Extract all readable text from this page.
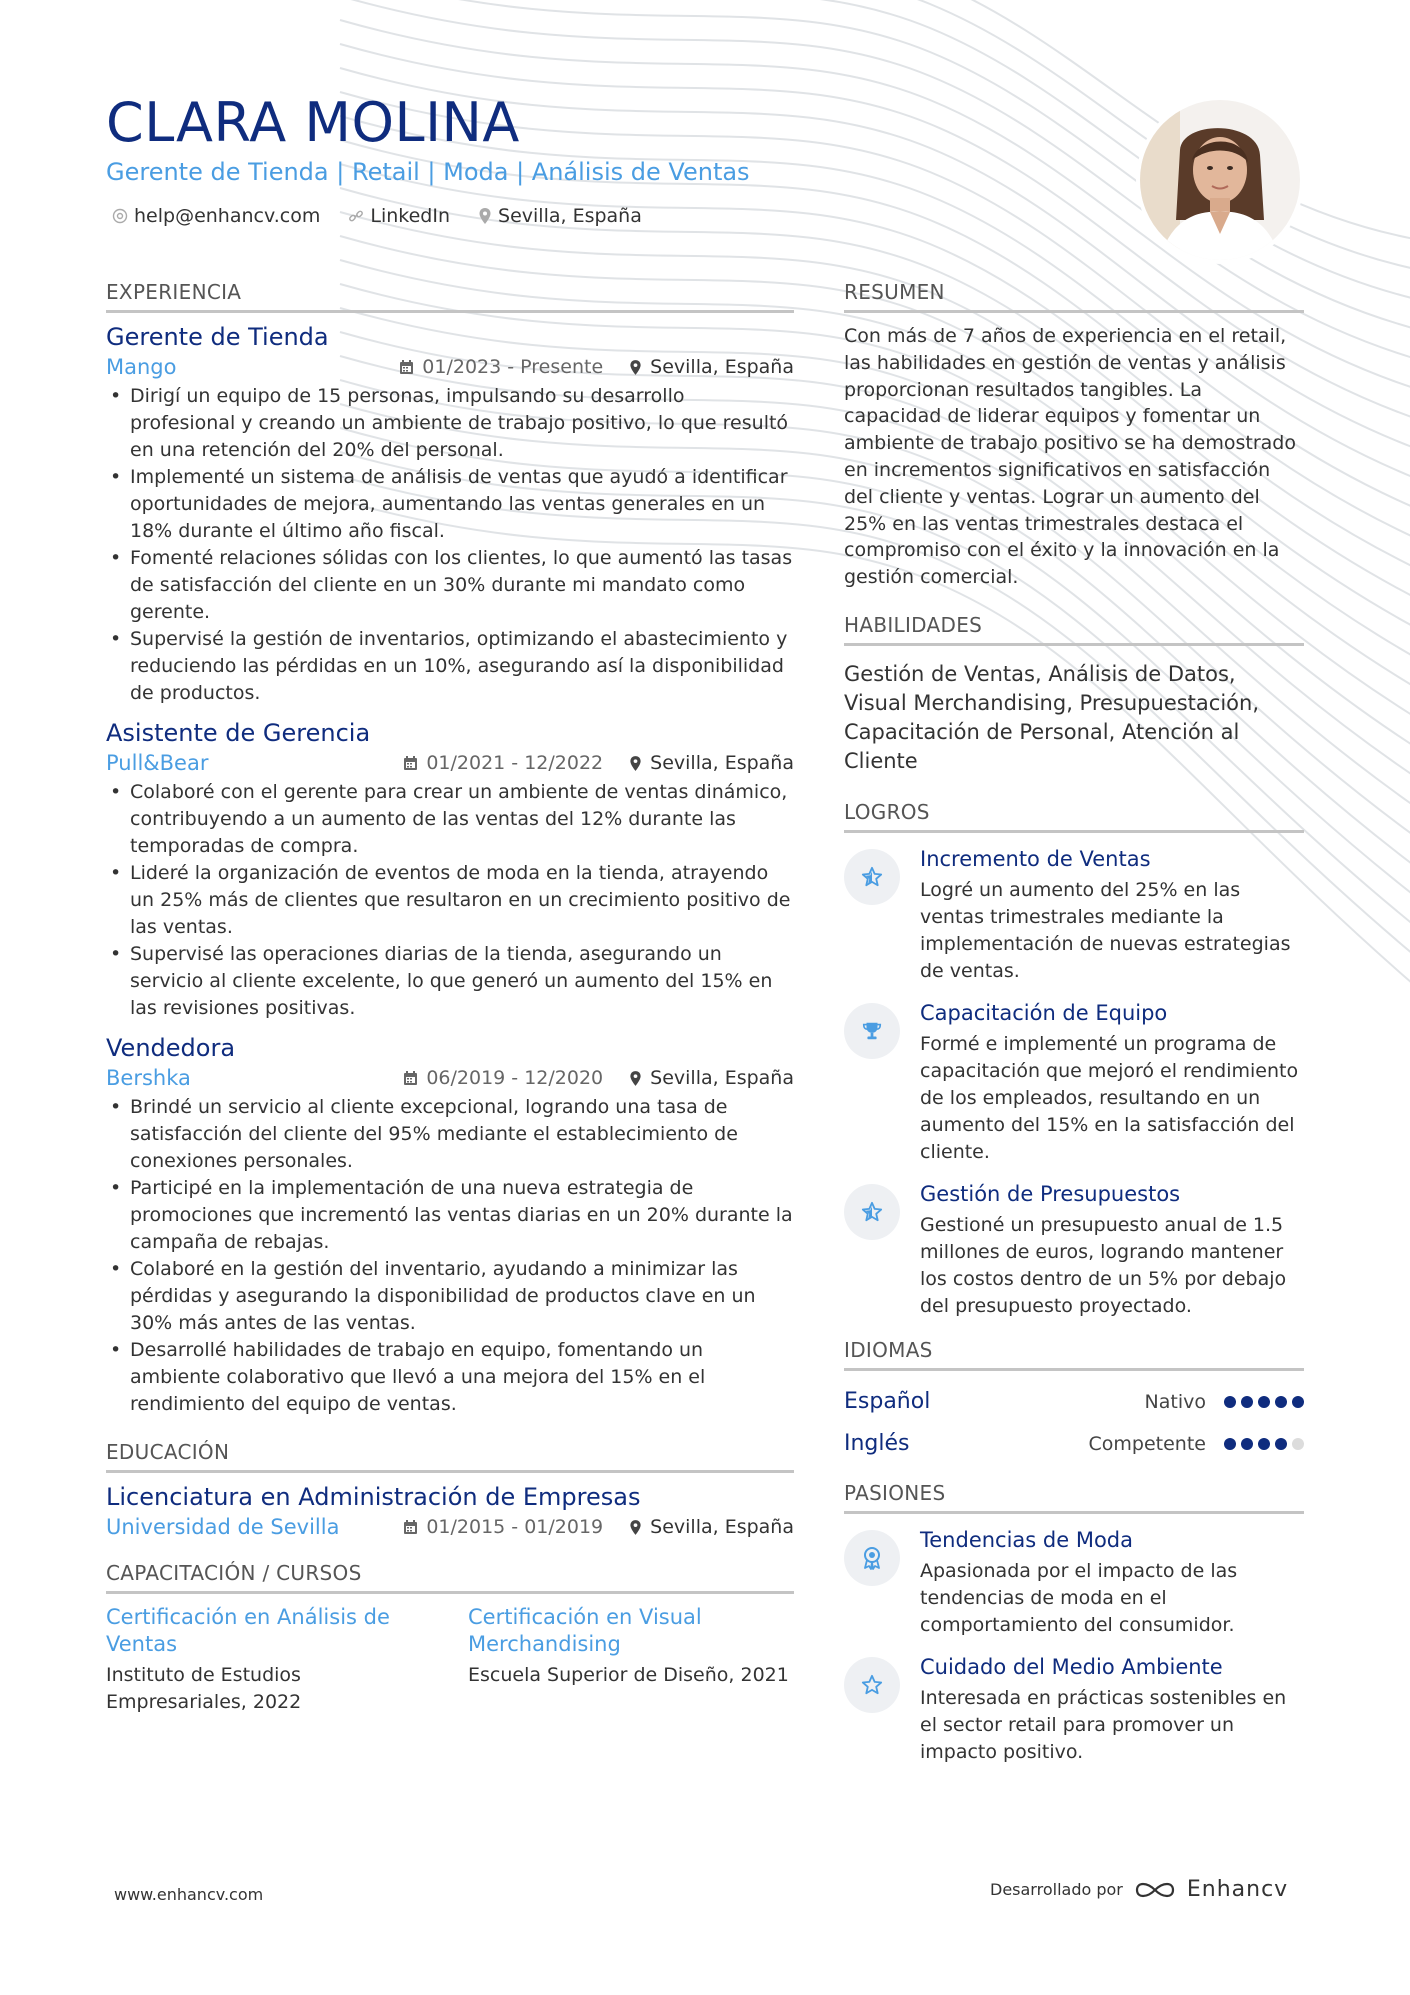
CLARA MOLINA
Gerente de Tienda | Retail | Moda | Análisis de Ventas
help@enhancv.com	LinkedIn	Sevilla, España
EXPERIENCIA
Gerente de Tienda
Mango	01/2023 - Presente Sevilla, España
• Dirigí un equipo de 15 personas, impulsando su desarrollo profesional y creando un ambiente de trabajo positivo, lo que resultó en una retención del 20% del personal.
• Implementé un sistema de análisis de ventas que ayudó a identificar oportunidades de mejora, aumentando las ventas generales en un 18% durante el último año fiscal.
• Fomenté relaciones sólidas con los clientes, lo que aumentó las tasas de satisfacción del cliente en un 30% durante mi mandato como gerente.
• Supervisé la gestión de inventarios, optimizando el abastecimiento y reduciendo las pérdidas en un 10%, asegurando así la disponibilidad de productos.
Asistente de Gerencia
Pull&Bear	01/2021 - 12/2022 Sevilla, España
• Colaboré con el gerente para crear un ambiente de ventas dinámico, contribuyendo a un aumento de las ventas del 12% durante las temporadas de compra.
• Lideré la organización de eventos de moda en la tienda, atrayendo un 25% más de clientes que resultaron en un crecimiento positivo de las ventas.
• Supervisé las operaciones diarias de la tienda, asegurando un servicio al cliente excelente, lo que generó un aumento del 15% en las revisiones positivas.
Vendedora
Bershka	06/2019 - 12/2020 Sevilla, España
• Brindé un servicio al cliente excepcional, logrando una tasa de satisfacción del cliente del 95% mediante el establecimiento de conexiones personales.
• Participé en la implementación de una nueva estrategia de promociones que incrementó las ventas diarias en un 20% durante la campaña de rebajas.
• Colaboré en la gestión del inventario, ayudando a minimizar las pérdidas y asegurando la disponibilidad de productos clave en un 30% más antes de las ventas.
• Desarrollé habilidades de trabajo en equipo, fomentando un ambiente colaborativo que llevó a una mejora del 15% en el rendimiento del equipo de ventas.
EDUCACIÓN
Licenciatura en Administración de Empresas
Universidad de Sevilla	01/2015 - 01/2019 Sevilla, España
CAPACITACIÓN / CURSOS
Certificación en Análisis de Ventas
Instituto de Estudios Empresariales, 2022
Certificación en Visual Merchandising
Escuela Superior de Diseño, 2021
RESUMEN

Con más de 7 años de experiencia en el retail, las habilidades en gestión de ventas y análisis proporcionan resultados tangibles. La capacidad de liderar equipos y fomentar un ambiente de trabajo positivo se ha demostrado en incrementos significativos en satisfacción del cliente y ventas. Lograr un aumento del 25% en las ventas trimestrales destaca el compromiso con el éxito y la innovación en la gestión comercial.

HABILIDADES

Gestión de Ventas, Análisis de Datos, Visual Merchandising, Presupuestación, Capacitación de Personal, Atención al Cliente

LOGROS
Incremento de Ventas
Logré un aumento del 25% en las ventas trimestrales mediante la implementación de nuevas estrategias de ventas.
Capacitación de Equipo
Formé e implementé un programa de capacitación que mejoró el rendimiento de los empleados, resultando en un aumento del 15% en la satisfacción del cliente.
Gestión de Presupuestos
Gestioné un presupuesto anual de 1.5 millones de euros, logrando mantener los costos dentro de un 5% por debajo del presupuesto proyectado.
IDIOMAS
Español	Nativo
Inglés	Competente
PASIONES
Tendencias de Moda
Apasionada por el impacto de las tendencias de moda en el comportamiento del consumidor.
Cuidado del Medio Ambiente
Interesada en prácticas sostenibles en el sector retail para promover un impacto positivo.
www.enhancv.com	Desarrollado por	Enhancv
